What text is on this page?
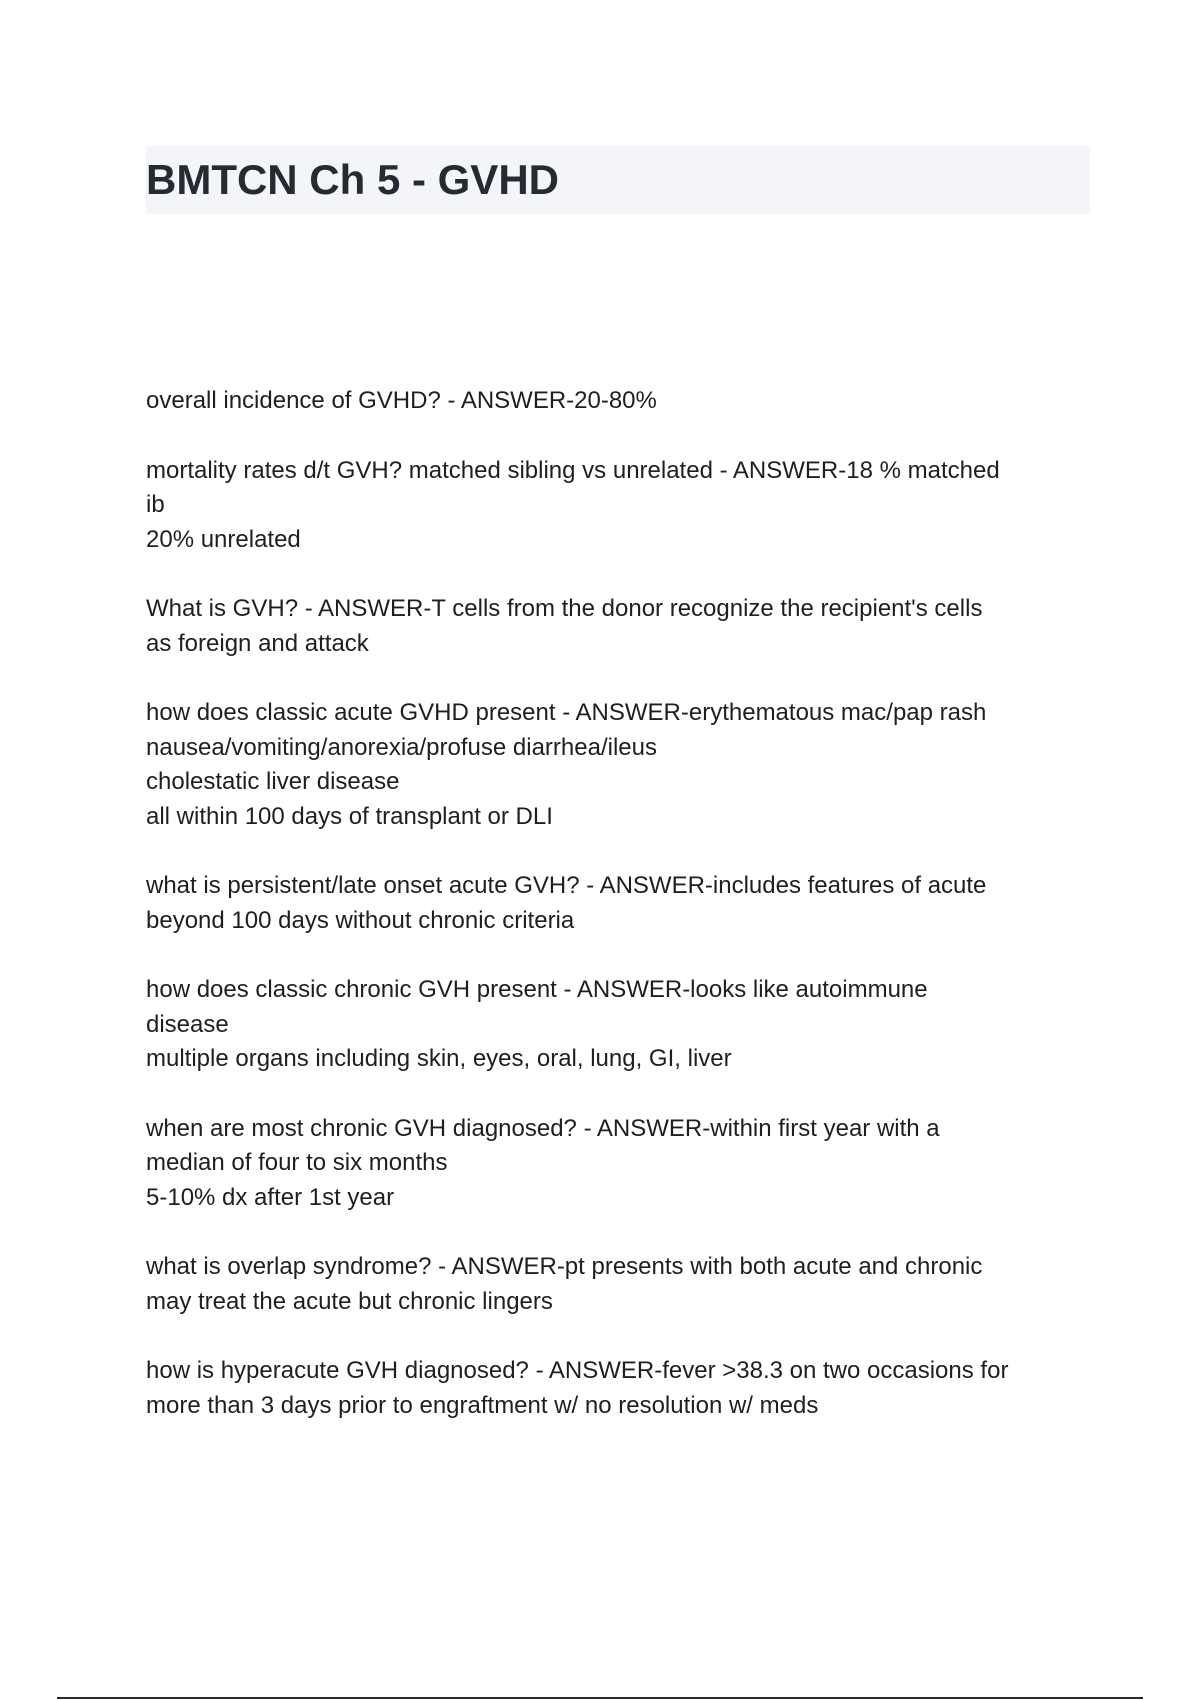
BMTCN Ch 5 - GVHD
overall incidence of GVHD? - ANSWER-20-80%
mortality rates d/t GVH? matched sibling vs unrelated - ANSWER-18 % matched
ib
20% unrelated
What is GVH? - ANSWER-T cells from the donor recognize the recipient's cells
as foreign and attack
how does classic acute GVHD present - ANSWER-erythematous mac/pap rash
nausea/vomiting/anorexia/profuse diarrhea/ileus
cholestatic liver disease
all within 100 days of transplant or DLI
what is persistent/late onset acute GVH? - ANSWER-includes features of acute
beyond 100 days without chronic criteria
how does classic chronic GVH present - ANSWER-looks like autoimmune
disease
multiple organs including skin, eyes, oral, lung, GI, liver
when are most chronic GVH diagnosed? - ANSWER-within first year with a
median of four to six months
5-10% dx after 1st year
what is overlap syndrome? - ANSWER-pt presents with both acute and chronic
may treat the acute but chronic lingers
how is hyperacute GVH diagnosed? - ANSWER-fever >38.3 on two occasions for
more than 3 days prior to engraftment w/ no resolution w/ meds
